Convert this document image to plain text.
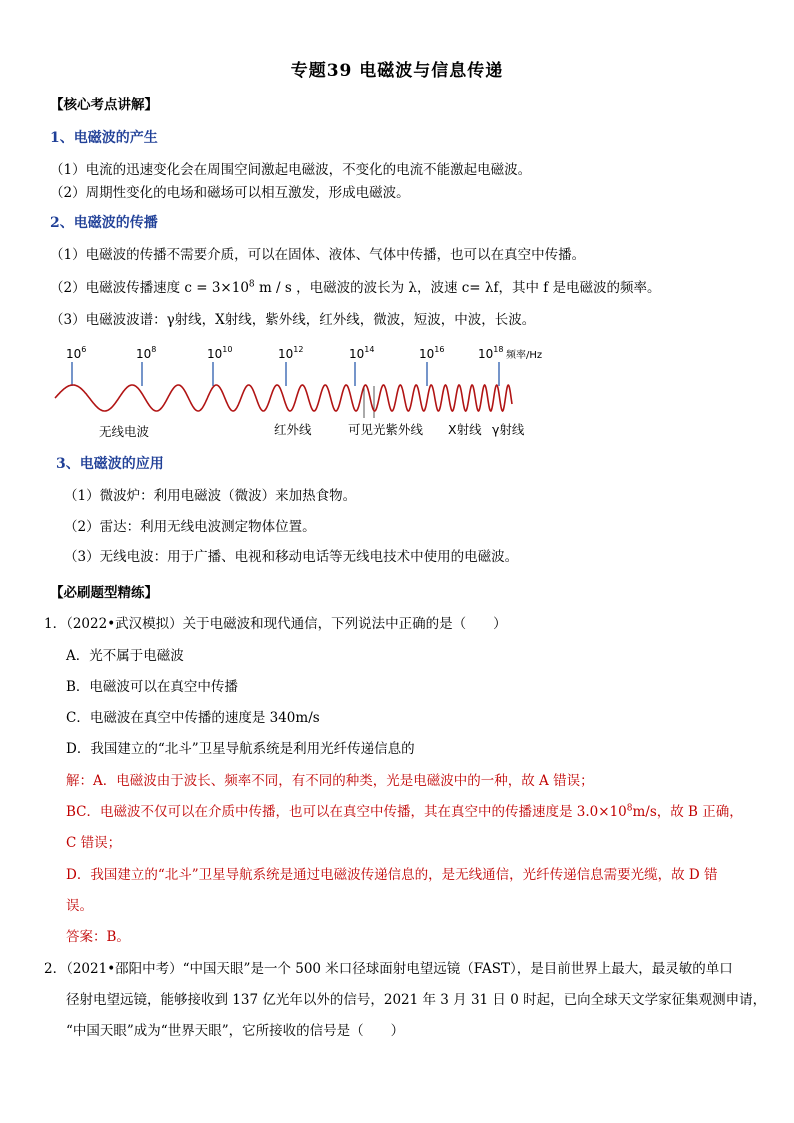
专题39 电磁波与信息传递
【核心考点讲解】
1、电磁波的产生
（1）电流的迅速变化会在周围空间激起电磁波，不变化的电流不能激起电磁波。
（2）周期性变化的电场和磁场可以相互激发，形成电磁波。
2、电磁波的传播
（1）电磁波的传播不需要介质，可以在固体、液体、气体中传播，也可以在真空中传播。
（2）电磁波传播速度 $c = 3\times 10^8$ m / s ，电磁波的波长为 λ，波速 c= λf，其中 f 是电磁波的频率。
（3）电磁波波谱：γ射线，X射线，紫外线，红外线，微波，短波，中波，长波。
$10^6$	$10^8$	$10^{10}$	$10^{12}$	$10^{14}$	$10^{16}$	$10^{18}$
频率/Hz
无线电波	红外线	可见光紫外线 X射线 γ射线
3、电磁波的应用
（1）微波炉：利用电磁波（微波）来加热食物。
（2）雷达：利用无线电波测定物体位置。
（3）无线电波：用于广播、电视和移动电话等无线电技术中使用的电磁波。
【必刷题型精练】
1．（2022•武汉模拟）关于电磁波和现代通信，下列说法中正确的是（　　）
A．光不属于电磁波
B．电磁波可以在真空中传播
C．电磁波在真空中传播的速度是 340m/s
D．我国建立的“北斗”卫星导航系统是利用光纤传递信息的
解：A．电磁波由于波长、频率不同，有不同的种类，光是电磁波中的一种，故 A 错误；
BC．电磁波不仅可以在介质中传播，也可以在真空中传播，其在真空中的传播速度是 $3.0\times 10^8m/s$，故 B 正确，
C 错误；
D．我国建立的“北斗”卫星导航系统是通过电磁波传递信息的，是无线通信，光纤传递信息需要光缆，故 D 错
误。
答案：B。
2．（2021•邵阳中考）“中国天眼”是一个 500 米口径球面射电望远镜（FAST），是目前世界上最大，最灵敏的单口
径射电望远镜，能够接收到 137 亿光年以外的信号，2021 年 3 月 31 日 0 时起，已向全球天文学家征集观测申请，
“中国天眼”成为“世界天眼”，它所接收的信号是（　　）
